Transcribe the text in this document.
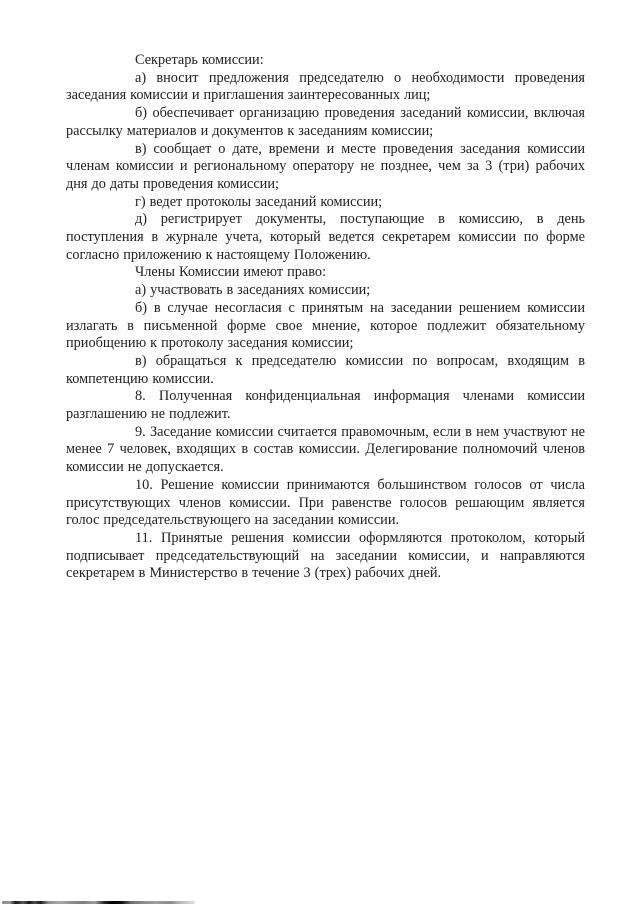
Секретарь комиссии:

а) вносит предложения председателю о необходимости проведения заседания комиссии и приглашения заинтересованных лиц;

б) обеспечивает организацию проведения заседаний комиссии, включая рассылку материалов и документов к заседаниям комиссии;

в) сообщает о дате, времени и месте проведения заседания комиссии членам комиссии и региональному оператору не позднее, чем за 3 (три) рабочих дня до даты проведения комиссии;

г) ведет протоколы заседаний комиссии;

д) регистрирует документы, поступающие в комиссию, в день поступления в журнале учета, который ведется секретарем комиссии по форме согласно приложению к настоящему Положению.

Члены Комиссии имеют право:

а) участвовать в заседаниях комиссии;

б) в случае несогласия с принятым на заседании решением комиссии излагать в письменной форме свое мнение, которое подлежит обязательному приобщению к протоколу заседания комиссии;

в) обращаться к председателю комиссии по вопросам, входящим в компетенцию комиссии.

8. Полученная конфиденциальная информация членами комиссии разглашению не подлежит.

9. Заседание комиссии считается правомочным, если в нем участвуют не менее 7 человек, входящих в состав комиссии. Делегирование полномочий членов комиссии не допускается.

10. Решение комиссии принимаются большинством голосов от числа присутствующих членов комиссии. При равенстве голосов решающим является голос председательствующего на заседании комиссии.

11. Принятые решения комиссии оформляются протоколом, который подписывает председательствующий на заседании комиссии, и направляются секретарем в Министерство в течение 3 (трех) рабочих дней.
